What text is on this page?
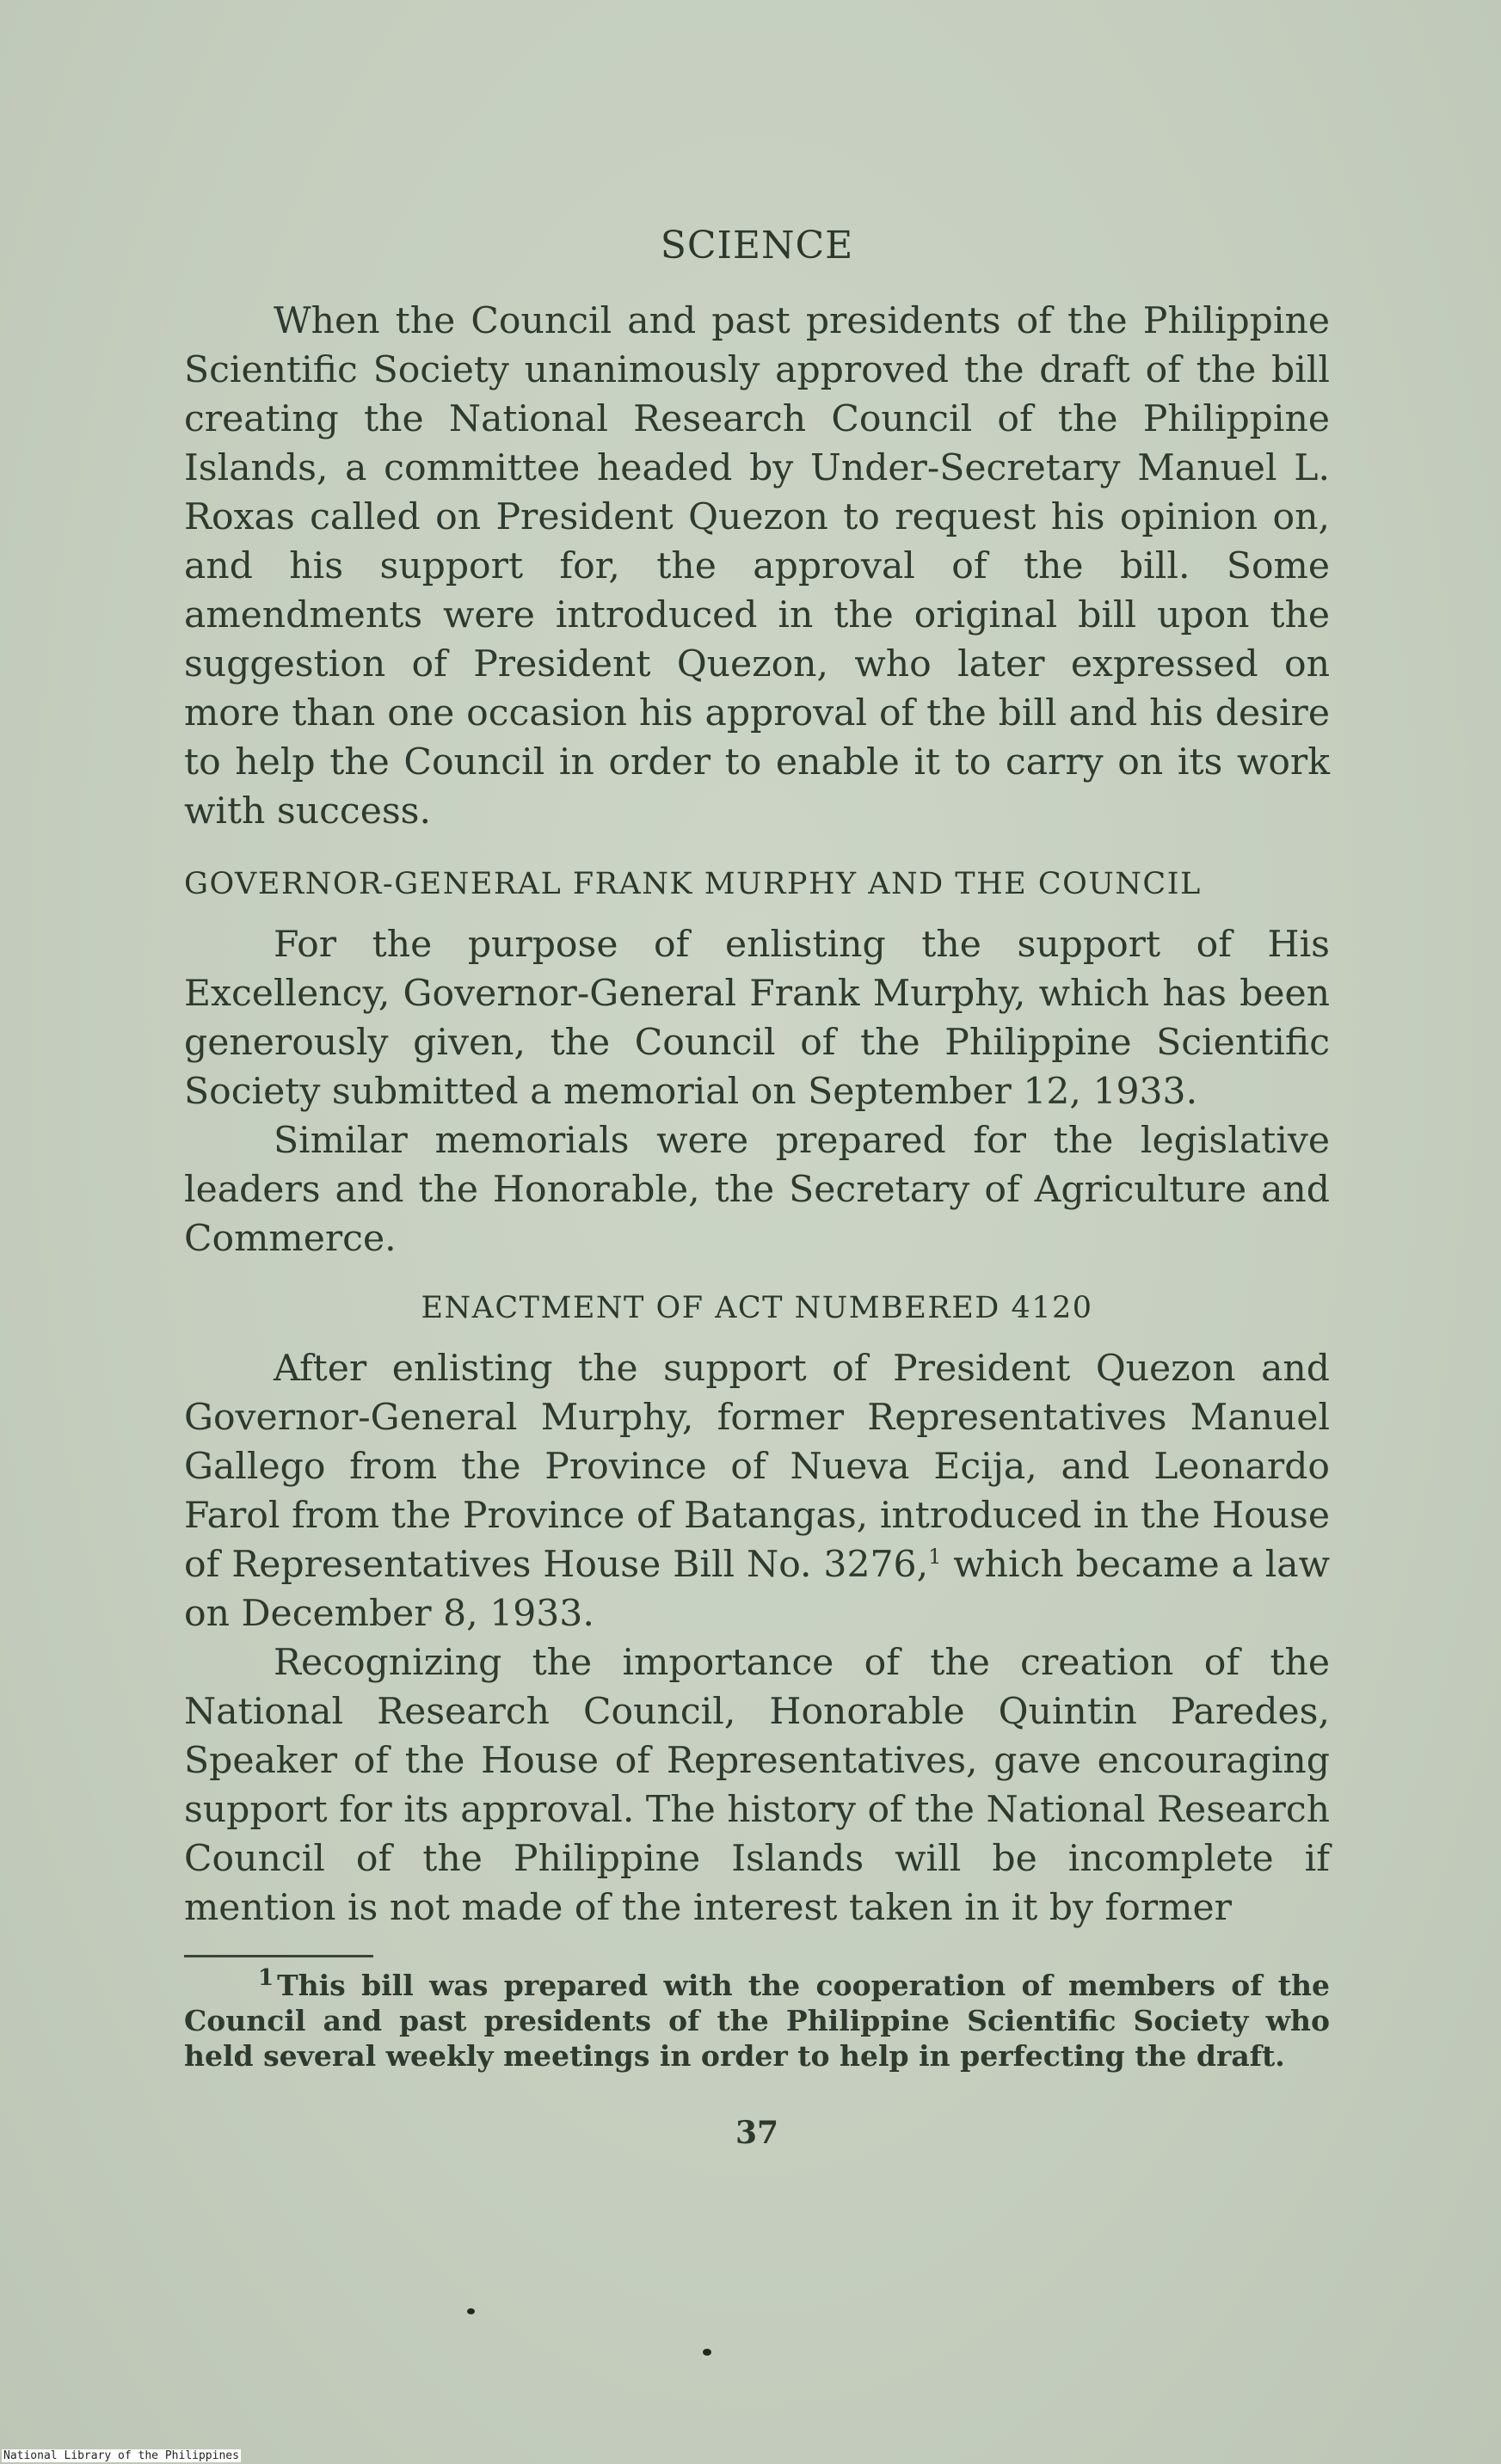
SCIENCE

When the Council and past presidents of the Philippine Scientific Society unanimously approved the draft of the bill creating the National Research Council of the Philippine Islands, a committee headed by Under-Secretary Manuel L. Roxas called on President Quezon to request his opinion on, and his support for, the approval of the bill. Some amendments were introduced in the original bill upon the suggestion of President Quezon, who later expressed on more than one occasion his approval of the bill and his desire to help the Council in order to enable it to carry on its work with success.

GOVERNOR-GENERAL FRANK MURPHY AND THE COUNCIL

For the purpose of enlisting the support of His Excellency, Governor-General Frank Murphy, which has been generously given, the Council of the Philippine Scientific Society submitted a memorial on September 12, 1933.

Similar memorials were prepared for the legislative leaders and the Honorable, the Secretary of Agriculture and Commerce.

ENACTMENT OF ACT NUMBERED 4120

After enlisting the support of President Quezon and Governor-General Murphy, former Representatives Manuel Gallego from the Province of Nueva Ecija, and Leonardo Farol from the Province of Batangas, introduced in the House of Representatives House Bill No. 3276,$^1$ which became a law on December 8, 1933.

Recognizing the importance of the creation of the National Research Council, Honorable Quintin Paredes, Speaker of the House of Representatives, gave encouraging support for its approval. The history of the National Research Council of the Philippine Islands will be incomplete if mention is not made of the interest taken in it by former

$^1$ This bill was prepared with the cooperation of members of the Council and past presidents of the Philippine Scientific Society who held several weekly meetings in order to help in perfecting the draft.
37
National Library of the Philippines
